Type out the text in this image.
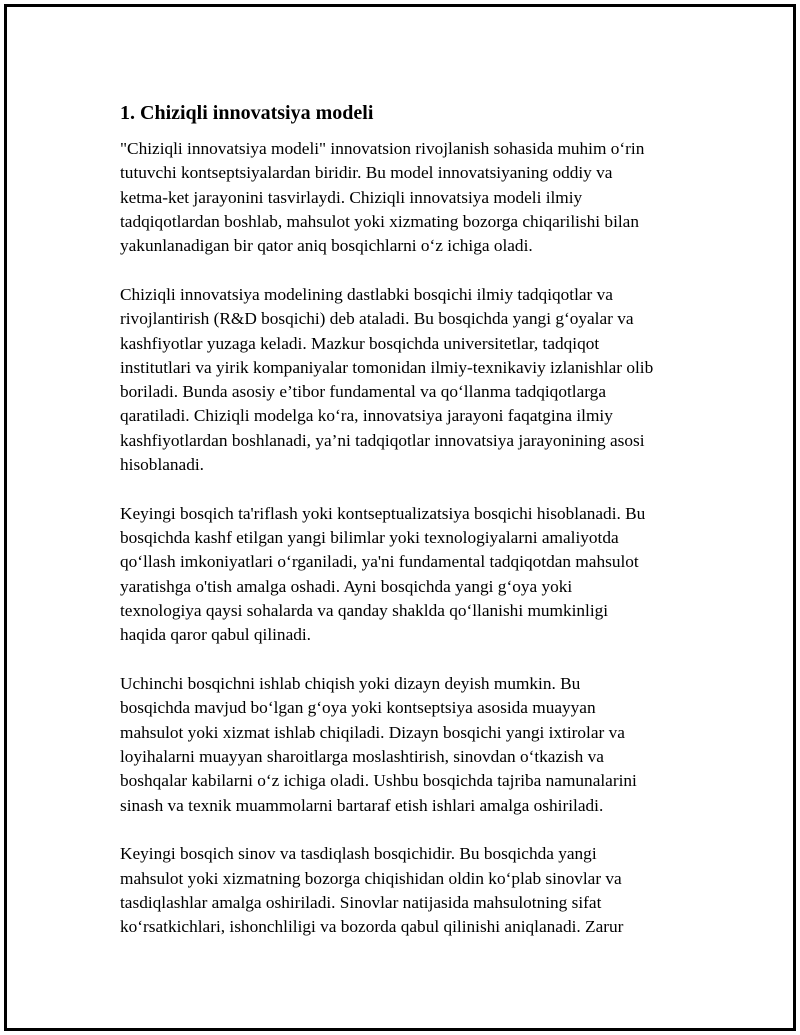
1. Chiziqli innovatsiya modeli

"Chiziqli innovatsiya modeli" innovatsion rivojlanish sohasida muhim o‘rin
tutuvchi kontseptsiyalardan biridir. Bu model innovatsiyaning oddiy va
ketma-ket jarayonini tasvirlaydi. Chiziqli innovatsiya modeli ilmiy
tadqiqotlardan boshlab, mahsulot yoki xizmating bozorga chiqarilishi bilan
yakunlanadigan bir qator aniq bosqichlarni o‘z ichiga oladi.

Chiziqli innovatsiya modelining dastlabki bosqichi ilmiy tadqiqotlar va
rivojlantirish (R&D bosqichi) deb ataladi. Bu bosqichda yangi g‘oyalar va
kashfiyotlar yuzaga keladi. Mazkur bosqichda universitetlar, tadqiqot
institutlari va yirik kompaniyalar tomonidan ilmiy-texnikaviy izlanishlar olib
boriladi. Bunda asosiy e’tibor fundamental va qo‘llanma tadqiqotlarga
qaratiladi. Chiziqli modelga ko‘ra, innovatsiya jarayoni faqatgina ilmiy
kashfiyotlardan boshlanadi, ya’ni tadqiqotlar innovatsiya jarayonining asosi
hisoblanadi.

Keyingi bosqich ta'riflash yoki kontseptualizatsiya bosqichi hisoblanadi. Bu
bosqichda kashf etilgan yangi bilimlar yoki texnologiyalarni amaliyotda
qo‘llash imkoniyatlari o‘rganiladi, ya'ni fundamental tadqiqotdan mahsulot
yaratishga o'tish amalga oshadi. Ayni bosqichda yangi g‘oya yoki
texnologiya qaysi sohalarda va qanday shaklda qo‘llanishi mumkinligi
haqida qaror qabul qilinadi.

Uchinchi bosqichni ishlab chiqish yoki dizayn deyish mumkin. Bu
bosqichda mavjud bo‘lgan g‘oya yoki kontseptsiya asosida muayyan
mahsulot yoki xizmat ishlab chiqiladi. Dizayn bosqichi yangi ixtirolar va
loyihalarni muayyan sharoitlarga moslashtirish, sinovdan o‘tkazish va
boshqalar kabilarni o‘z ichiga oladi. Ushbu bosqichda tajriba namunalarini
sinash va texnik muammolarni bartaraf etish ishlari amalga oshiriladi.

Keyingi bosqich sinov va tasdiqlash bosqichidir. Bu bosqichda yangi
mahsulot yoki xizmatning bozorga chiqishidan oldin ko‘plab sinovlar va
tasdiqlashlar amalga oshiriladi. Sinovlar natijasida mahsulotning sifat
ko‘rsatkichlari, ishonchliligi va bozorda qabul qilinishi aniqlanadi. Zarur
